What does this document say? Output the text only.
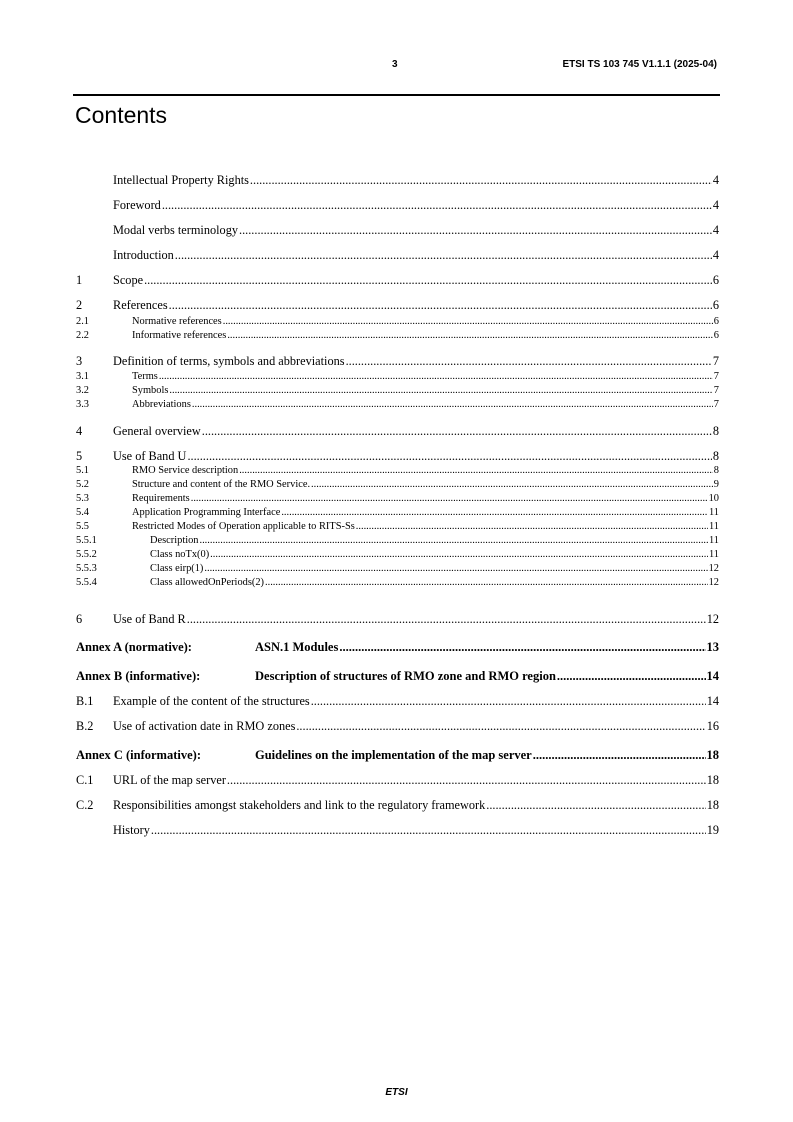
3	ETSI TS 103 745 V1.1.1 (2025-04)
Contents
Intellectual Property Rights .....	4
Foreword .....	4
Modal verbs terminology .....	4
Introduction .....	4
1	Scope .....	6
2	References .....	6
2.1	Normative references .....	6
2.2	Informative references .....	6
3	Definition of terms, symbols and abbreviations .....	7
3.1	Terms .....	7
3.2	Symbols .....	7
3.3	Abbreviations .....	7
4	General overview .....	8
5	Use of Band U .....	8
5.1	RMO Service description .....	8
5.2	Structure and content of the RMO Service. .....	9
5.3	Requirements .....	10
5.4	Application Programming Interface .....	11
5.5	Restricted Modes of Operation applicable to RITS-Ss .....	11
5.5.1	Description .....	11
5.5.2	Class noTx(0) .....	11
5.5.3	Class eirp(1) .....	12
5.5.4	Class allowedOnPeriods(2) .....	12
6	Use of Band R .....	12
Annex A (normative):	ASN.1 Modules .....	13
Annex B (informative):	Description of structures of RMO zone and RMO region .....	14
B.1	Example of the content of the structures .....	14
B.2	Use of activation date in RMO zones .....	16
Annex C (informative):	Guidelines on the implementation of the map server .....	18
C.1	URL of the map server .....	18
C.2	Responsibilities amongst stakeholders and link to the regulatory framework .....	18
History .....	19
ETSI
